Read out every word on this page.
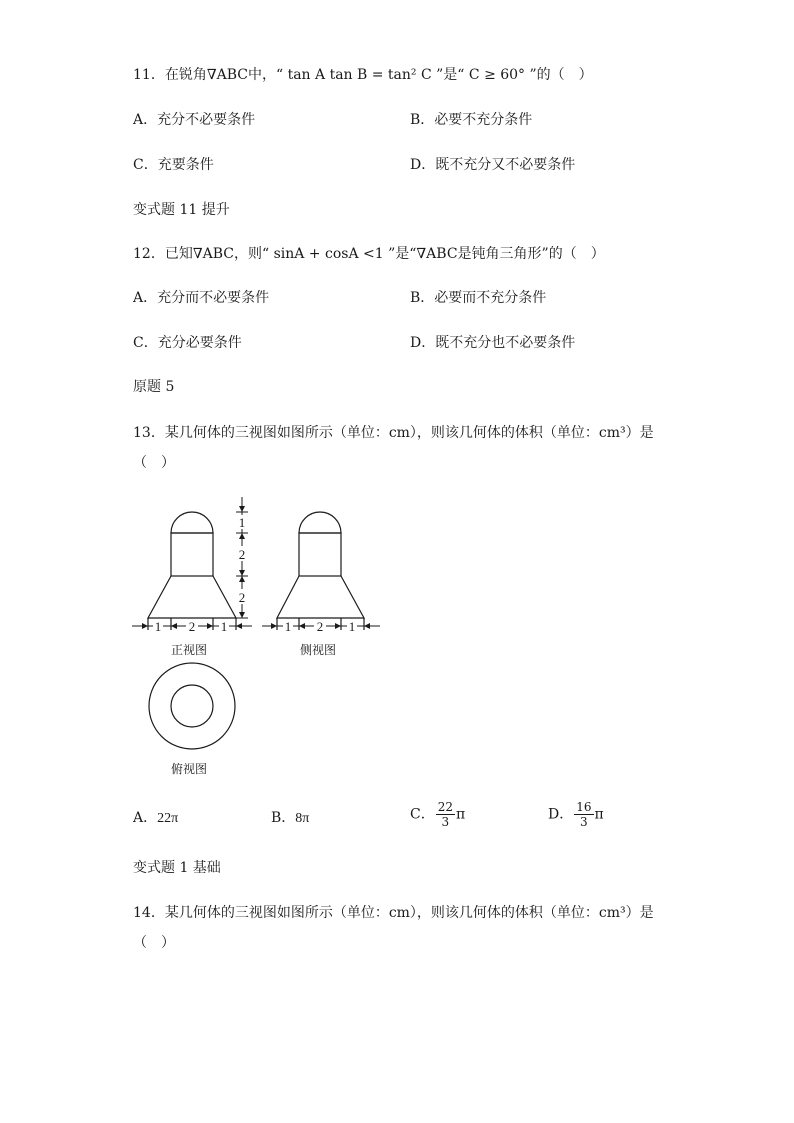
11．在锐角∇ABC中，“ tan A tan B = tan² C ”是“ C ≥ 60° ”的（　）
A．充分不必要条件	B．必要不充分条件
C．充要条件	D．既不充分又不必要条件
变式题 11 提升
12．已知∇ABC，则“ sinA + cosA <1 ”是“∇ABC是钝角三角形”的（　）
A．充分而不必要条件	B．必要而不充分条件
C．充分必要条件	D．既不充分也不必要条件
原题 5
13．某几何体的三视图如图所示（单位：cm），则该几何体的体积（单位：cm³）是
（　）
1
2
2
1 2 1	1 2 1
正视图	侧视图
俯视图
A．22π	B．8π	C． $\frac{22}{3}$ π	D． $\frac{16}{3}$ π
变式题 1 基础
14．某几何体的三视图如图所示（单位：cm），则该几何体的体积（单位：cm³）是
（　）
